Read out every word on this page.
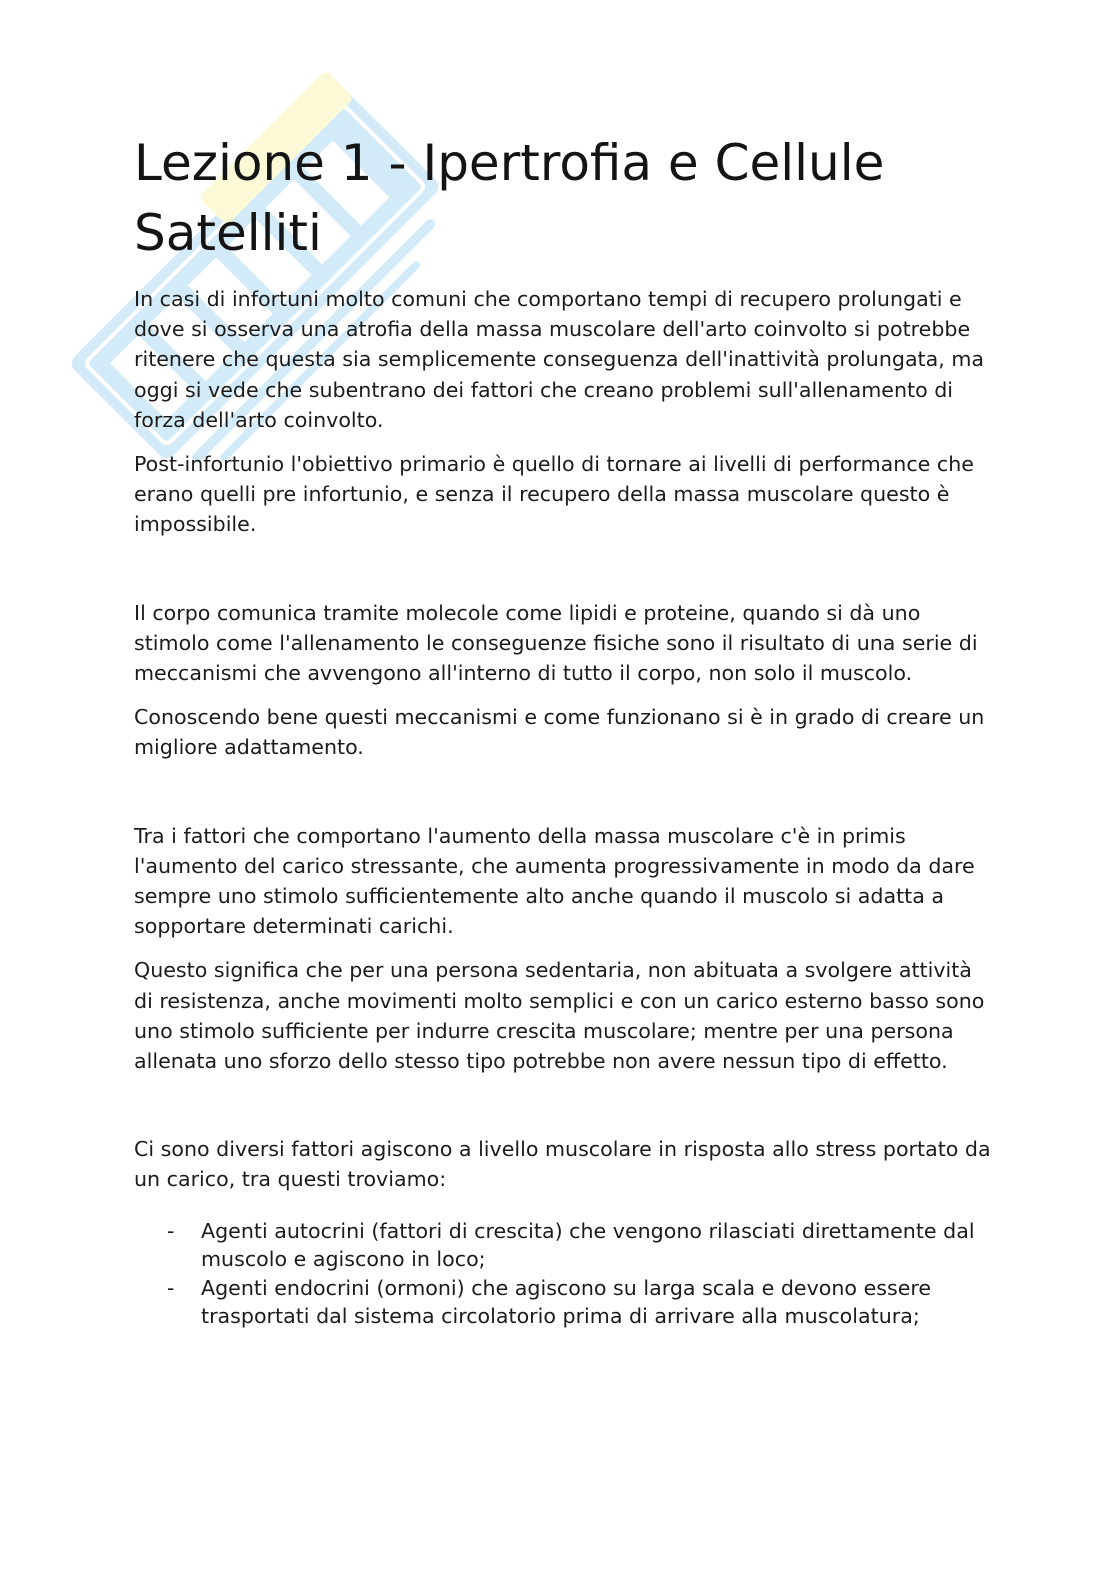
Lezione 1 - Ipertrofia e Cellule Satelliti

In casi di infortuni molto comuni che comportano tempi di recupero prolungati e dove si osserva una atrofia della massa muscolare dell'arto coinvolto si potrebbe ritenere che questa sia semplicemente conseguenza dell'inattività prolungata, ma oggi si vede che subentrano dei fattori che creano problemi sull'allenamento di forza dell'arto coinvolto.

Post-infortunio l'obiettivo primario è quello di tornare ai livelli di performance che erano quelli pre infortunio, e senza il recupero della massa muscolare questo è impossibile.

Il corpo comunica tramite molecole come lipidi e proteine, quando si dà uno stimolo come l'allenamento le conseguenze fisiche sono il risultato di una serie di meccanismi che avvengono all'interno di tutto il corpo, non solo il muscolo.

Conoscendo bene questi meccanismi e come funzionano si è in grado di creare un migliore adattamento.

Tra i fattori che comportano l'aumento della massa muscolare c'è in primis l'aumento del carico stressante, che aumenta progressivamente in modo da dare sempre uno stimolo sufficientemente alto anche quando il muscolo si adatta a sopportare determinati carichi.

Questo significa che per una persona sedentaria, non abituata a svolgere attività di resistenza, anche movimenti molto semplici e con un carico esterno basso sono uno stimolo sufficiente per indurre crescita muscolare; mentre per una persona allenata uno sforzo dello stesso tipo potrebbe non avere nessun tipo di effetto.

Ci sono diversi fattori agiscono a livello muscolare in risposta allo stress portato da un carico, tra questi troviamo:

- Agenti autocrini (fattori di crescita) che vengono rilasciati direttamente dal muscolo e agiscono in loco;
- Agenti endocrini (ormoni) che agiscono su larga scala e devono essere trasportati dal sistema circolatorio prima di arrivare alla muscolatura;
